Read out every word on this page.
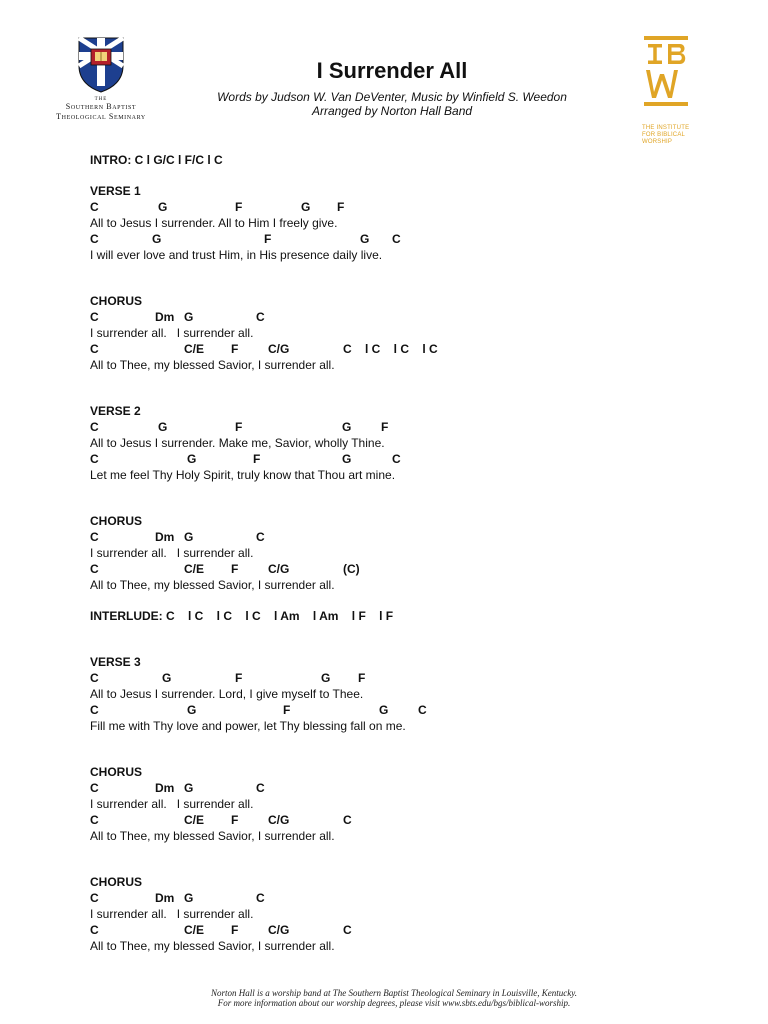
THE
Southern Baptist
Theological Seminary
THE INSTITUTE
FOR BIBLICAL
WORSHIP
I Surrender All
Words by Judson W. Van DeVenter, Music by Winfield S. Weedon
Arranged by Norton Hall Band
INTRO: C l G/C l F/C l C
VERSE 1
C	G	F	G F
All to Jesus I surrender. All to Him I freely give.
C	G	F	G C
I will ever love and trust Him, in His presence daily live.
CHORUS
C	Dm G	C
I surrender all.   I surrender all.
C	C/E F C/G	C    l C    l C    l C
All to Thee, my blessed Savior, I surrender all.
VERSE 2
C	G	F	G F
All to Jesus I surrender. Make me, Savior, wholly Thine.
C	G	F	G	C
Let me feel Thy Holy Spirit, truly know that Thou art mine.
CHORUS
C	Dm G	C
I surrender all.   I surrender all.
C	C/E F C/G	(C)
All to Thee, my blessed Savior, I surrender all.
INTERLUDE: C    l C    l C    l C    l Am    l Am    l F    l F
VERSE 3
C	G	F	G F
All to Jesus I surrender. Lord, I give myself to Thee.
C	G	F	G C
Fill me with Thy love and power, let Thy blessing fall on me.
CHORUS
C	Dm G	C
I surrender all.   I surrender all.
C	C/E F C/G	C
All to Thee, my blessed Savior, I surrender all.
CHORUS
C	Dm G	C
I surrender all.   I surrender all.
C	C/E F C/G	C
All to Thee, my blessed Savior, I surrender all.
Norton Hall is a worship band at The Southern Baptist Theological Seminary in Louisville, Kentucky.
For more information about our worship degrees, please visit www.sbts.edu/bgs/biblical-worship.
